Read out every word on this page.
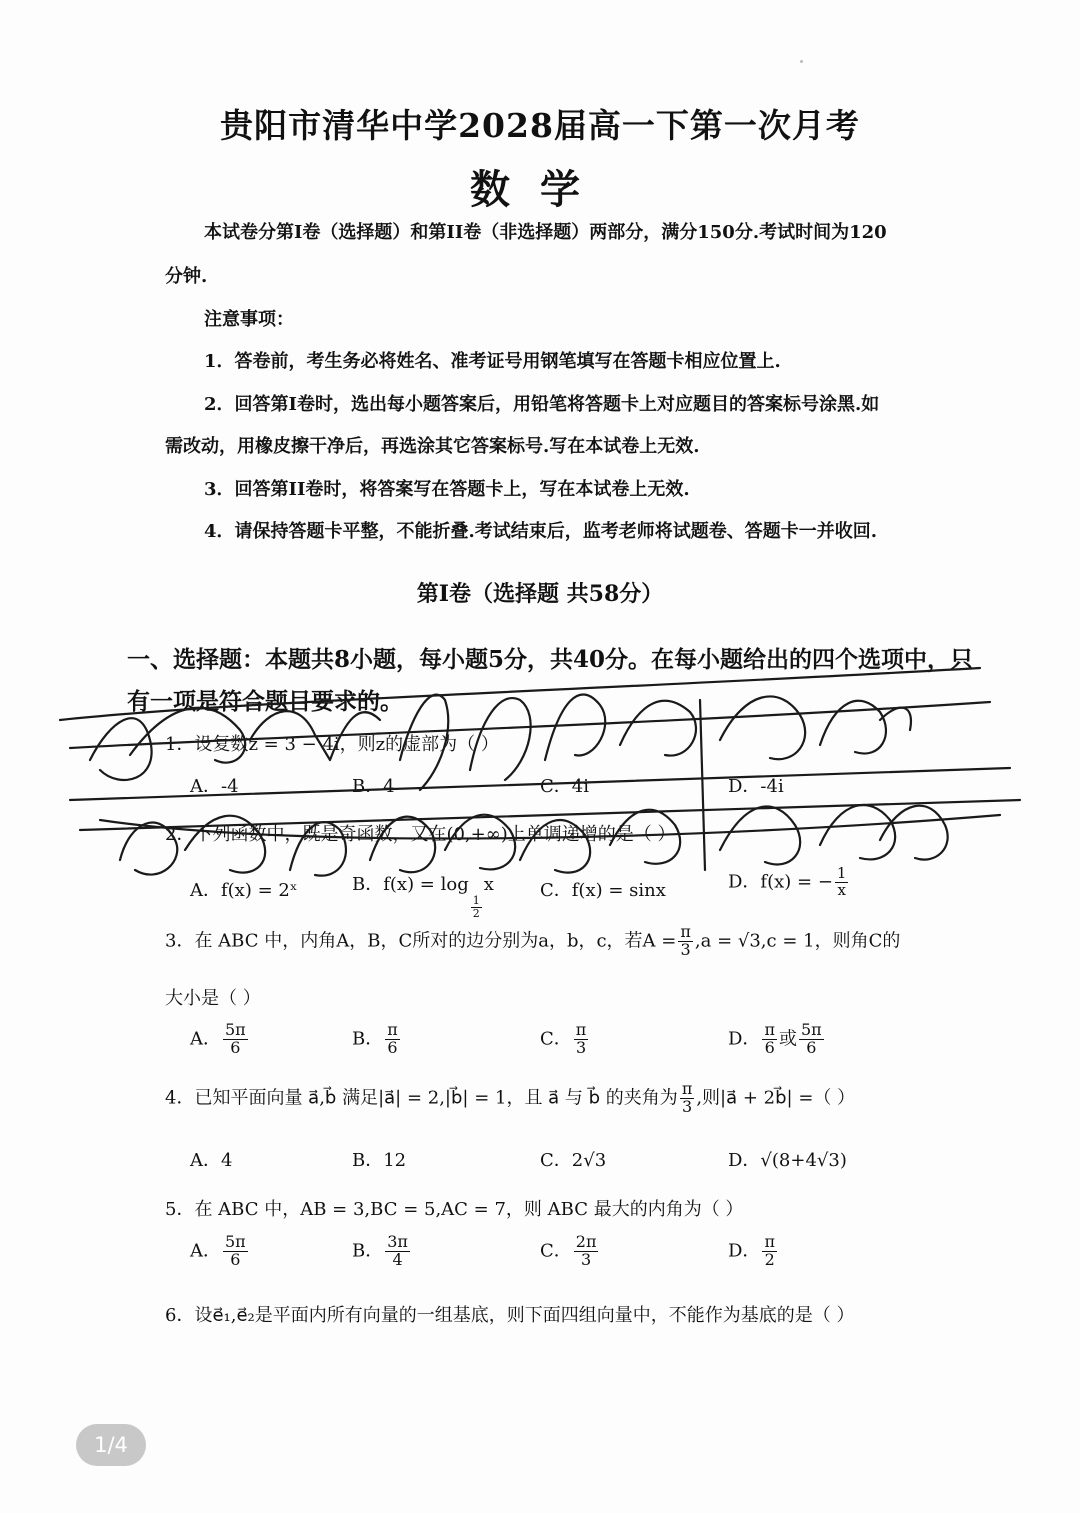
贵阳市清华中学2028届高一下第一次月考
数学
本试卷分第I卷（选择题）和第II卷（非选择题）两部分，满分150分.考试时间为120
分钟.
注意事项：
1．答卷前，考生务必将姓名、准考证号用钢笔填写在答题卡相应位置上.
2．回答第I卷时，选出每小题答案后，用铅笔将答题卡上对应题目的答案标号涂黑.如
需改动，用橡皮擦干净后，再选涂其它答案标号.写在本试卷上无效.
3．回答第II卷时，将答案写在答题卡上，写在本试卷上无效.
4．请保持答题卡平整，不能折叠.考试结束后，监考老师将试题卷、答题卡一并收回.
第I卷（选择题 共58分）
一、选择题：本题共8小题，每小题5分，共40分。在每小题给出的四个选项中，只
有一项是符合题目要求的。
1．设复数z = 3 − 4i，则z的虚部为（ ）
A．-4	B．4	C．4i	D．-4i
2．下列函数中，既是奇函数，又在(0,+∞)上单调递增的是（ ）
A．f(x) = 2ˣ	B．f(x) = log
$\frac{1}{2}$
x	C．f(x) = sinx	D．f(x) = − $\frac{1}{x}$
3．在 ABC 中，内角A，B，C所对的边分别为a，b，c，若$A = \frac{\pi}{3} ,a = √3,c = 1$，则角C的
大小是（ ）
A． $\frac{5\pi}{6}$	B． $\frac{\pi}{6}$	C． $\frac{\pi}{3}$	D． $\frac{\pi}{6}$ 或 $\frac{5\pi}{6}$
4．已知平面向量 a⃗,b⃗ 满足|a⃗| = 2,|b⃗| = 1，且 a⃗ 与 b⃗ 的夹角为 $\frac{\pi}{3}$ ,则|a⃗ + 2b⃗| =（ ）
A．4	B．12	C．2√3	D．√(8+4√3)
5．在 ABC 中，AB = 3,BC = 5,AC = 7，则 ABC 最大的内角为（ ）
A． $\frac{5\pi}{6}$	B． $\frac{3\pi}{4}$	C． $\frac{2\pi}{3}$	D． $\frac{\pi}{2}$
6．设e⃗₁,e⃗₂是平面内所有向量的一组基底，则下面四组向量中，不能作为基底的是（ ）
1/4
